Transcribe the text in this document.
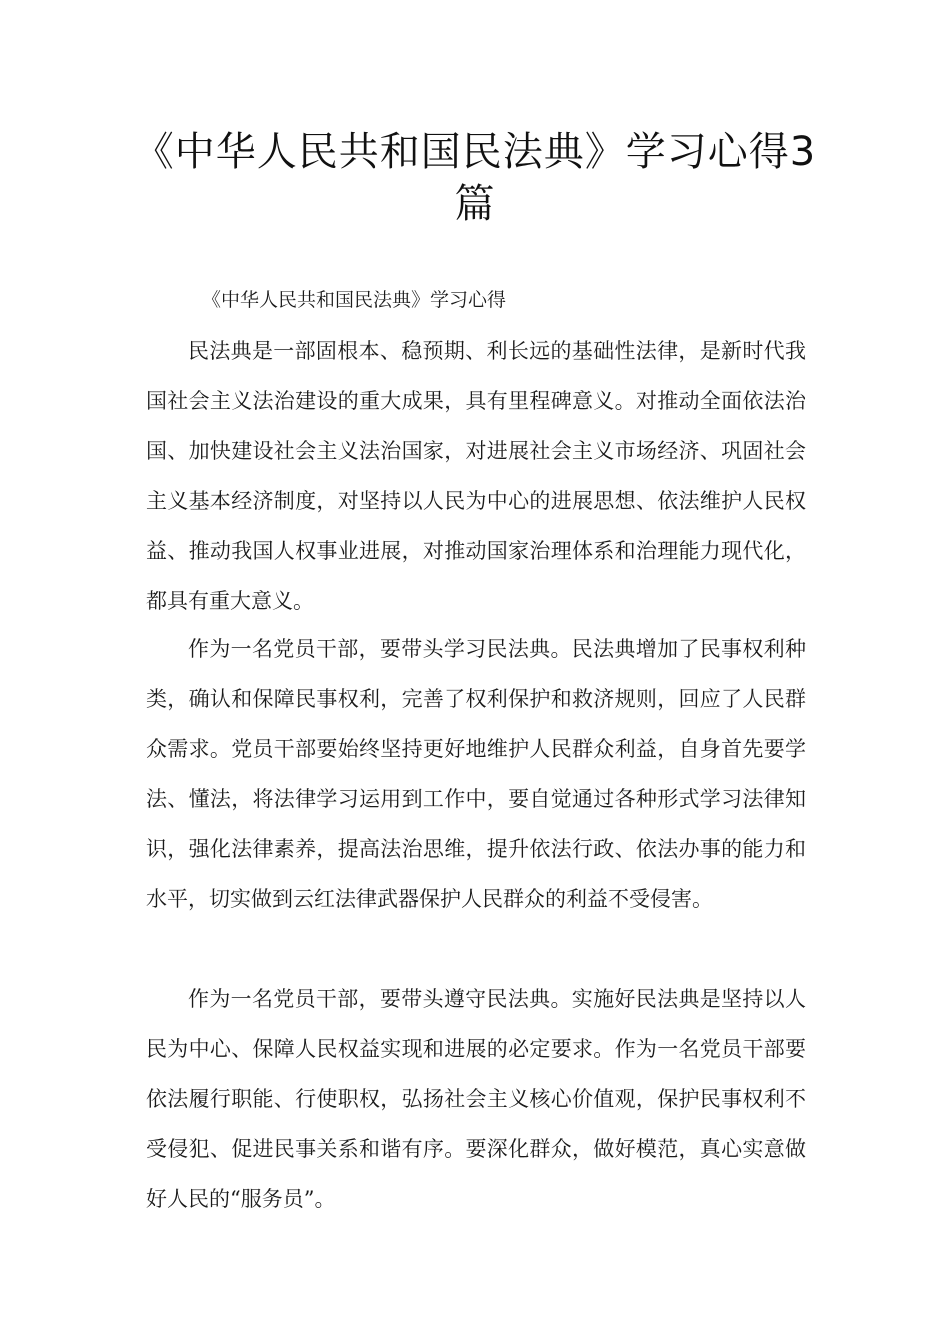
《中华人民共和国民法典》学习心得3篇

《中华人民共和国民法典》学习心得

民法典是一部固根本、稳预期、利长远的基础性法律，是新时代我国社会主义法治建设的重大成果，具有里程碑意义。对推动全面依法治国、加快建设社会主义法治国家，对进展社会主义市场经济、巩固社会主义基本经济制度，对坚持以人民为中心的进展思想、依法维护人民权益、推动我国人权事业进展，对推动国家治理体系和治理能力现代化，都具有重大意义。

作为一名党员干部，要带头学习民法典。民法典增加了民事权利种类，确认和保障民事权利，完善了权利保护和救济规则，回应了人民群众需求。党员干部要始终坚持更好地维护人民群众利益，自身首先要学法、懂法，将法律学习运用到工作中，要自觉通过各种形式学习法律知识，强化法律素养，提高法治思维，提升依法行政、依法办事的能力和水平，切实做到云红法律武器保护人民群众的利益不受侵害。

作为一名党员干部，要带头遵守民法典。实施好民法典是坚持以人民为中心、保障人民权益实现和进展的必定要求。作为一名党员干部要依法履行职能、行使职权，弘扬社会主义核心价值观，保护民事权利不受侵犯、促进民事关系和谐有序。要深化群众，做好模范，真心实意做好人民的“服务员”。
